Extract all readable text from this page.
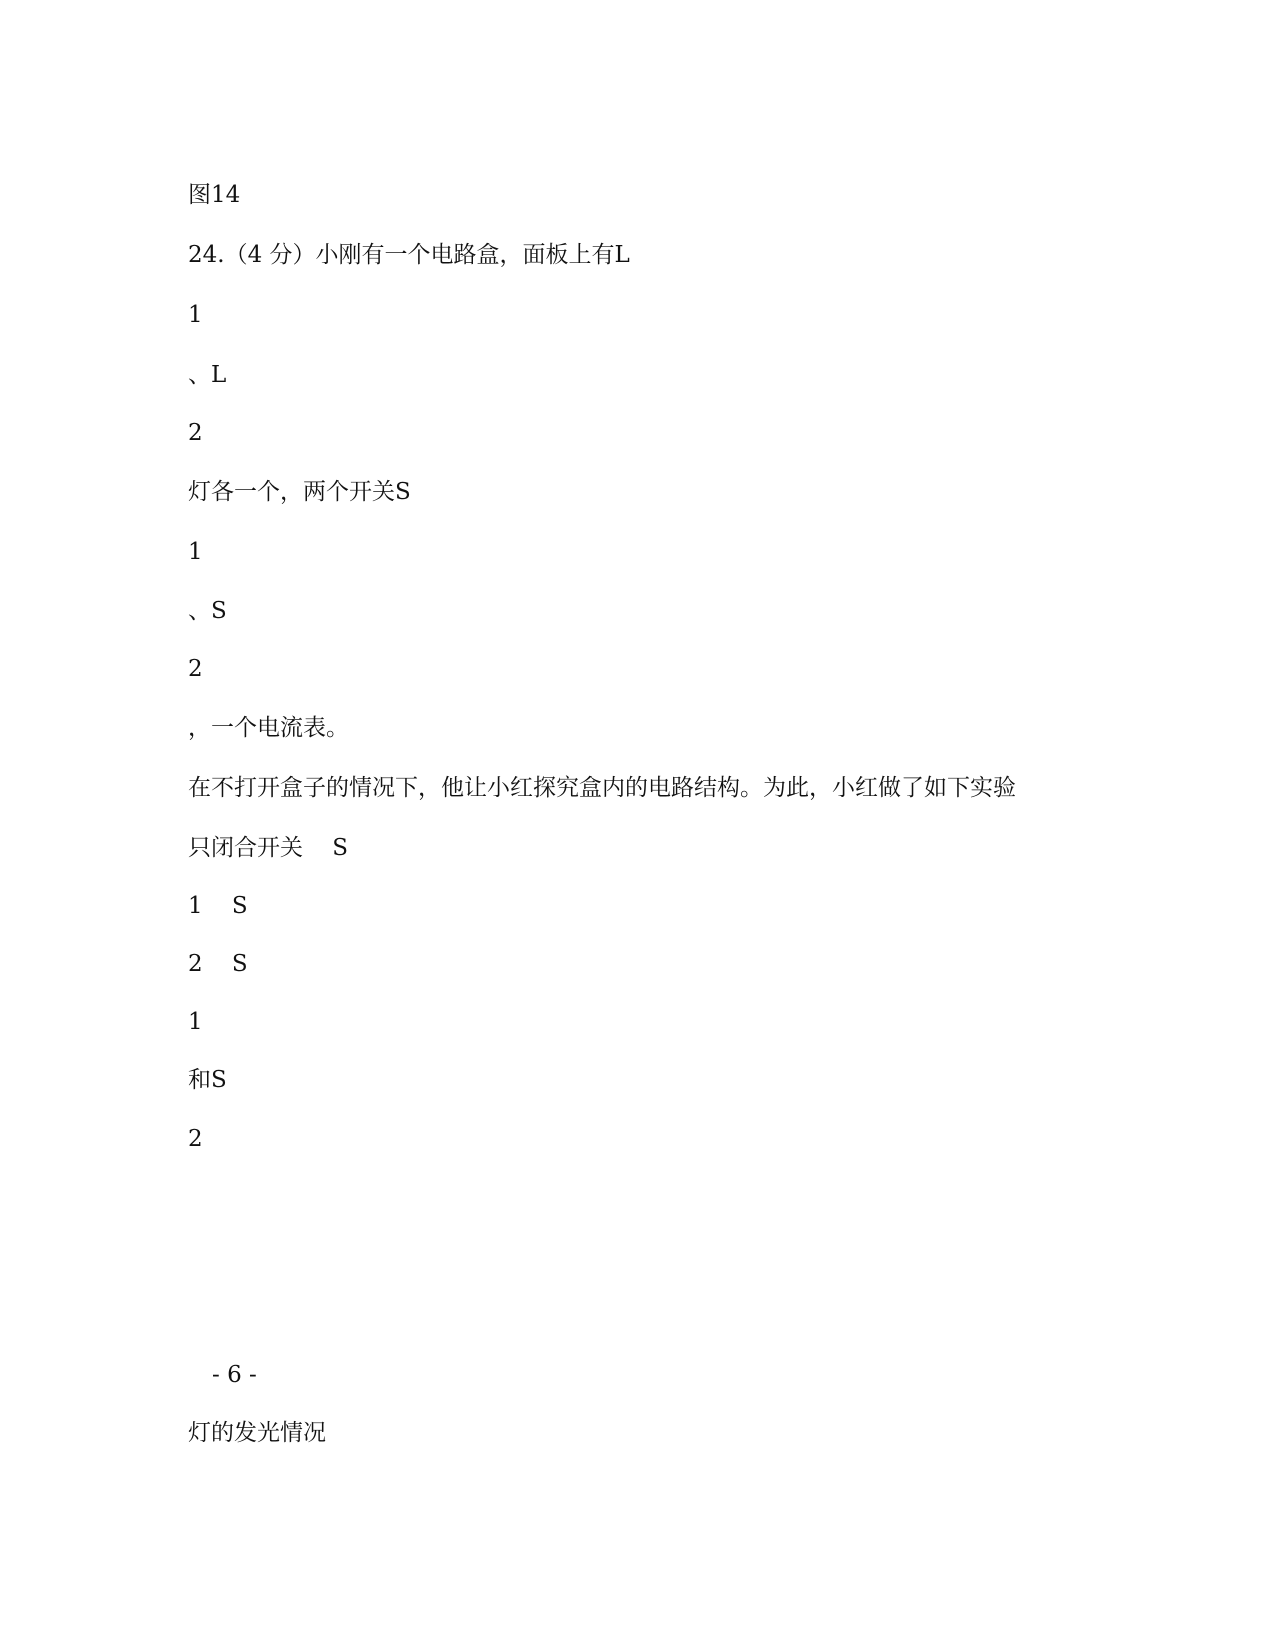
图14
24.（4 分）小刚有一个电路盒，面板上有L
1
、L
2
灯各一个，两个开关S
1
、S
2
，一个电流表。
在不打开盒子的情况下，他让小红探究盒内的电路结构。为此，小红做了如下实验
只闭合开关    S
1    S
2    S
1
和S
2
- 6 -
灯的发光情况
